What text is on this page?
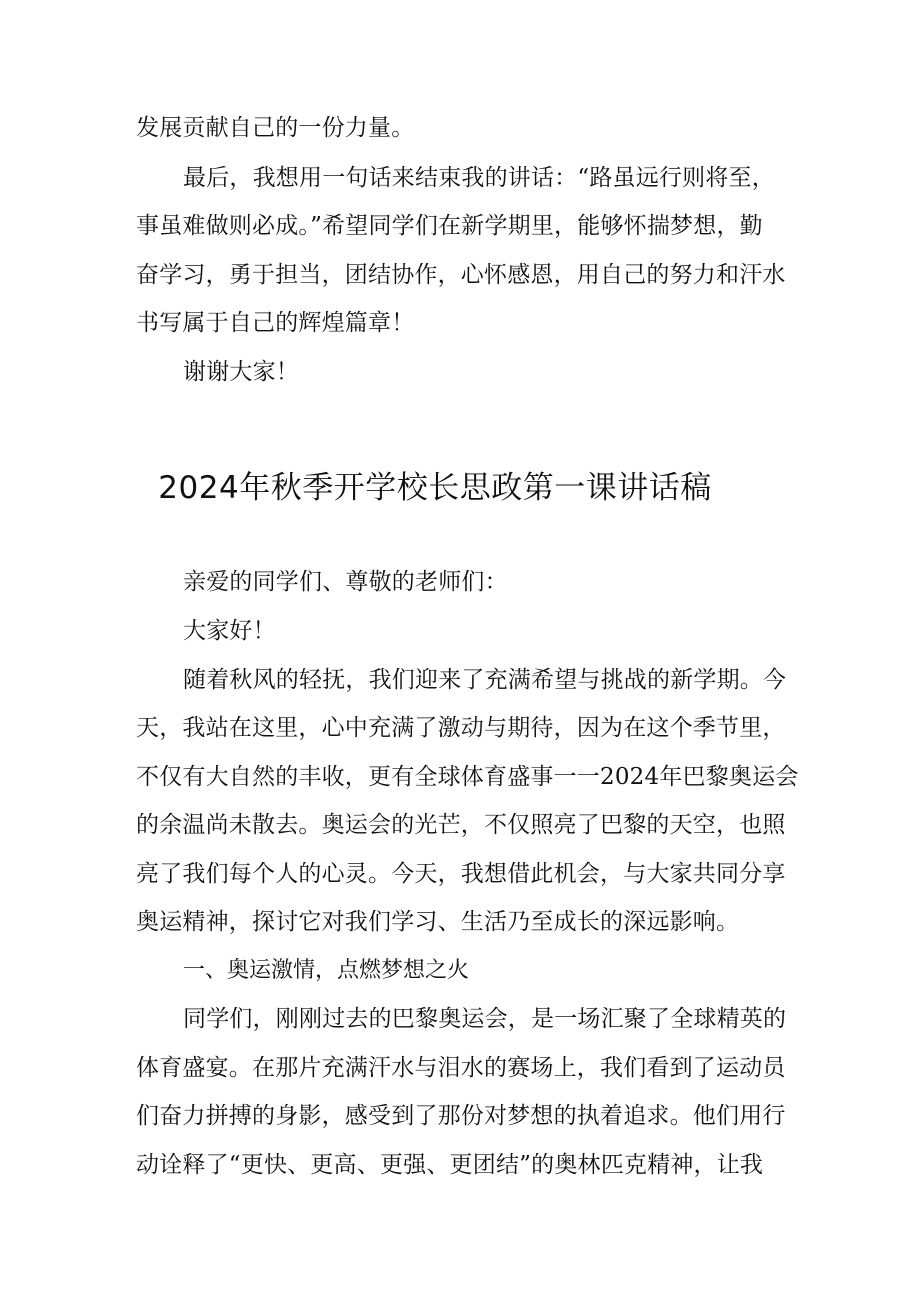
发展贡献自己的一份力量。
最后，我想用一句话来结束我的讲话：“路虽远行则将至，
事虽难做则必成。”希望同学们在新学期里，能够怀揣梦想，勤
奋学习，勇于担当，团结协作，心怀感恩，用自己的努力和汗水
书写属于自己的辉煌篇章！
谢谢大家！
2024年秋季开学校长思政第一课讲话稿
亲爱的同学们、尊敬的老师们：
大家好！
随着秋风的轻抚，我们迎来了充满希望与挑战的新学期。今
天，我站在这里，心中充满了激动与期待，因为在这个季节里，
不仅有大自然的丰收，更有全球体育盛事一一2024年巴黎奥运会
的余温尚未散去。奥运会的光芒，不仅照亮了巴黎的天空，也照
亮了我们每个人的心灵。今天，我想借此机会，与大家共同分享
奥运精神，探讨它对我们学习、生活乃至成长的深远影响。
一、奥运激情，点燃梦想之火
同学们，刚刚过去的巴黎奥运会，是一场汇聚了全球精英的
体育盛宴。在那片充满汗水与泪水的赛场上，我们看到了运动员
们奋力拼搏的身影，感受到了那份对梦想的执着追求。他们用行
动诠释了“更快、更高、更强、更团结”的奥林匹克精神，让我
